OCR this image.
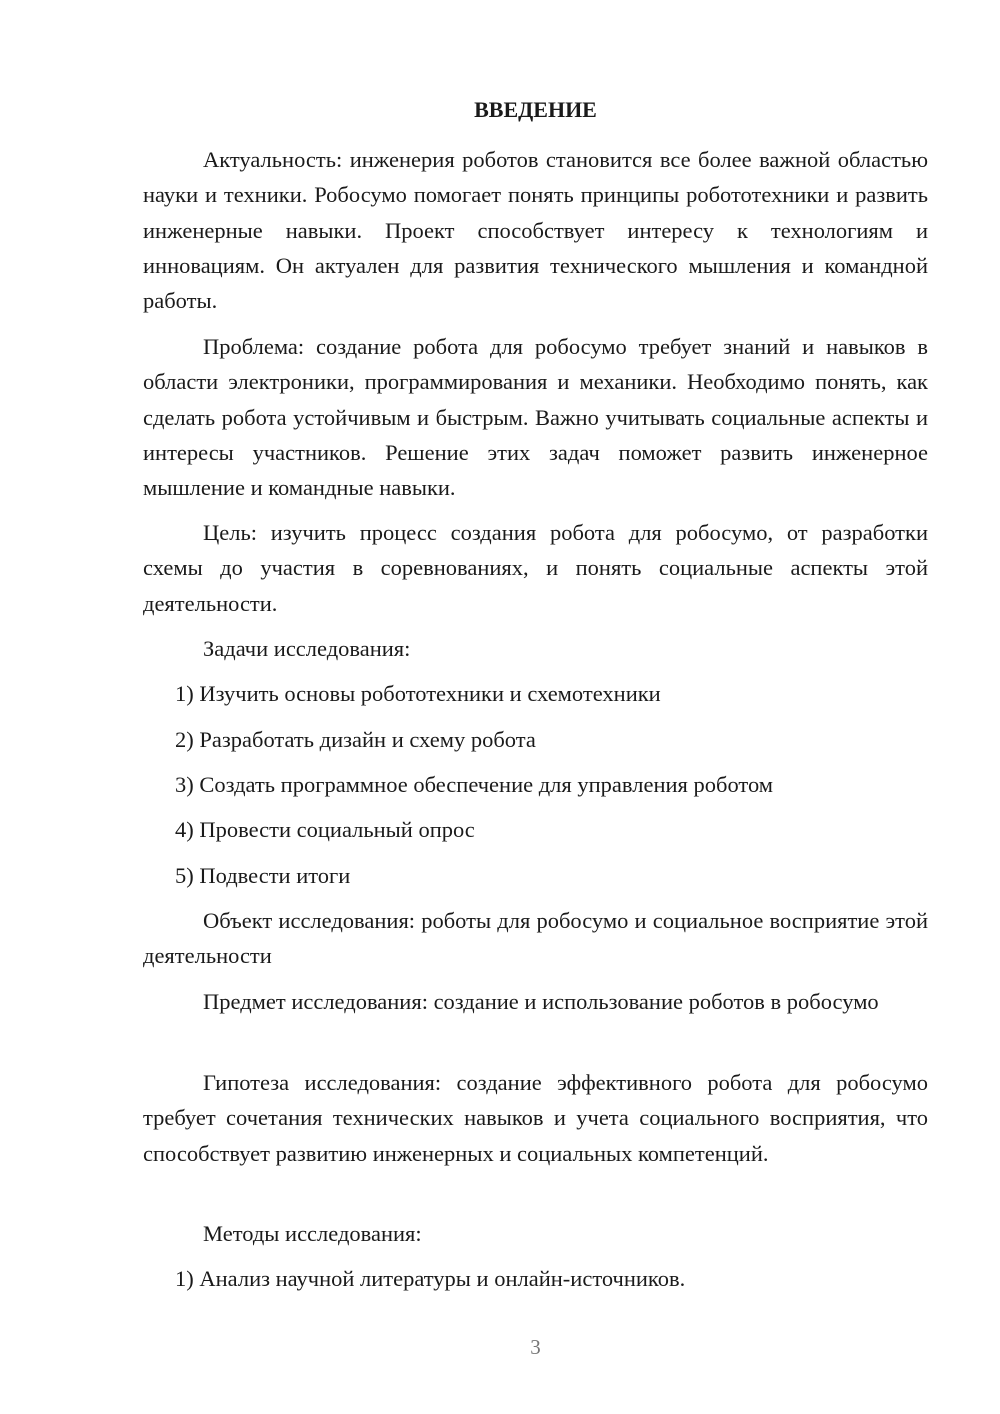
ВВЕДЕНИЕ

Актуальность: инженерия роботов становится все более важной областью науки и техники. Робосумо помогает понять принципы робототехники и развить инженерные навыки. Проект способствует интересу к технологиям и инновациям. Он актуален для развития технического мышления и командной работы.

Проблема: создание робота для робосумо требует знаний и навыков в области электроники, программирования и механики. Необходимо понять, как сделать робота устойчивым и быстрым. Важно учитывать социальные аспекты и интересы участников. Решение этих задач поможет развить инженерное мышление и командные навыки.

Цель: изучить процесс создания робота для робосумо, от разработки схемы до участия в соревнованиях, и понять социальные аспекты этой деятельности.

Задачи исследования:

1) Изучить основы робототехники и схемотехники

2) Разработать дизайн и схему робота

3) Создать программное обеспечение для управления роботом

4) Провести социальный опрос

5) Подвести итоги

Объект исследования: роботы для робосумо и социальное восприятие этой деятельности

Предмет исследования: создание и использование роботов в робосумо

Гипотеза исследования: создание эффективного робота для робосумо требует сочетания технических навыков и учета социального восприятия, что способствует развитию инженерных и социальных компетенций.

Методы исследования:

1) Анализ научной литературы и онлайн-источников.

3
